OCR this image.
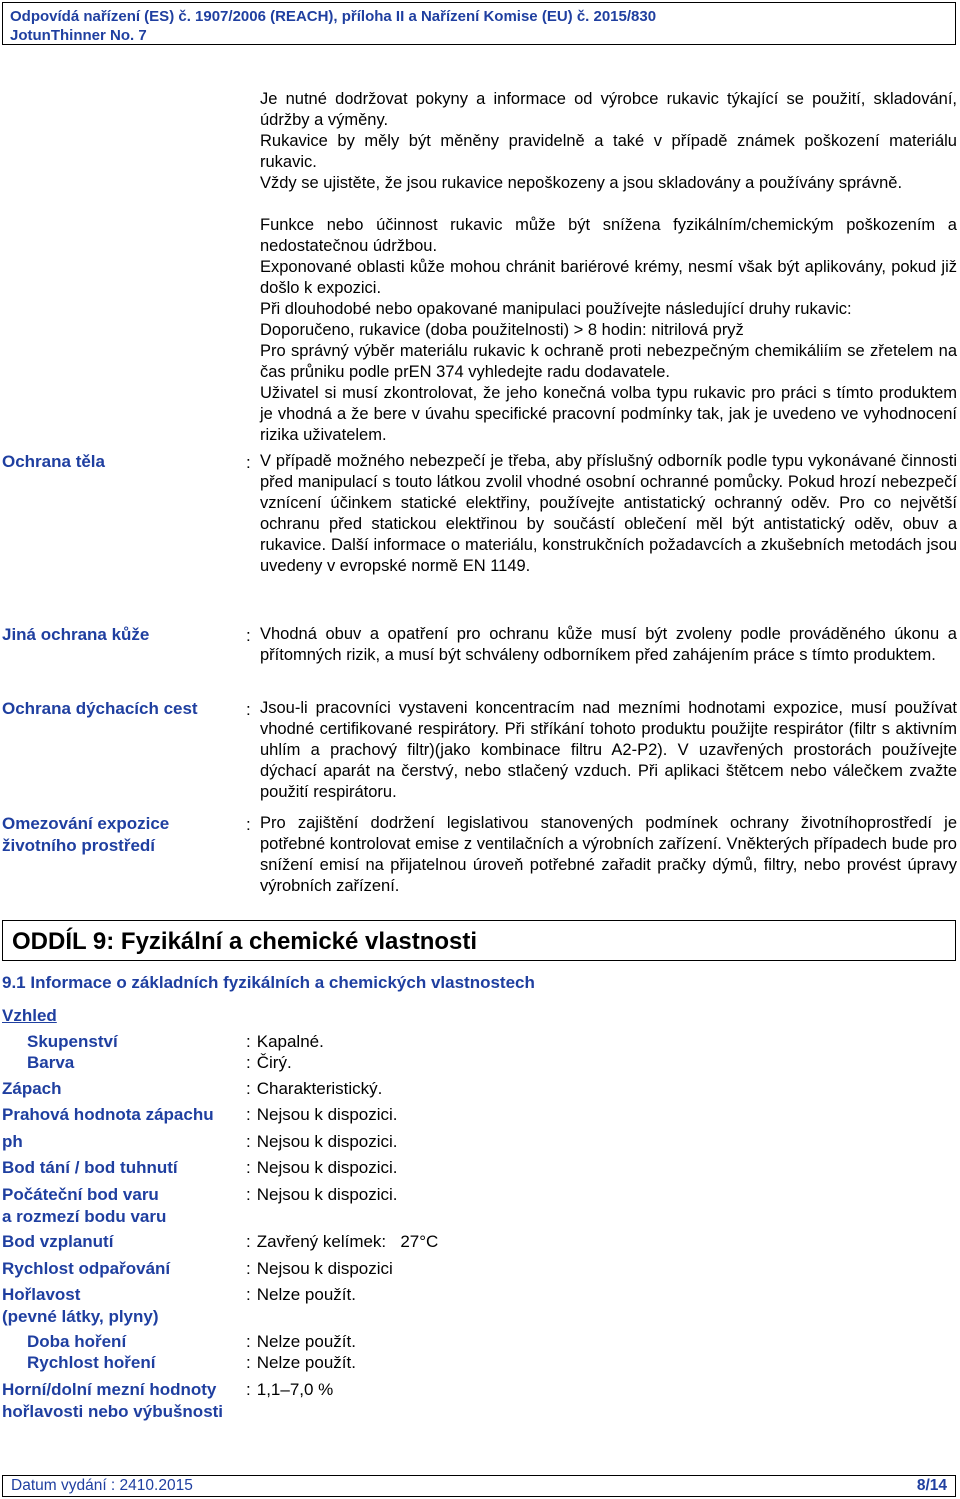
Odpovídá nařízení (ES) č. 1907/2006 (REACH), příloha II a Nařízení Komise (EU) č. 2015/830
JotunThinner No. 7
Je nutné dodržovat pokyny a informace od výrobce rukavic týkající se použití, skladování, údržby a výměny.
Rukavice by měly být měněny pravidelně a také v případě známek poškození materiálu rukavic.
Vždy se ujistěte, že jsou rukavice nepoškozeny a jsou skladovány a používány správně.
Funkce nebo účinnost rukavic může být snížena fyzikálním/chemickým poškozením a nedostatečnou údržbou.
Exponované oblasti kůže mohou chránit bariérové krémy, nesmí však být aplikovány, pokud již došlo k expozici.
Při dlouhodobé nebo opakované manipulaci používejte následující druhy rukavic:
Doporučeno, rukavice (doba použitelnosti) > 8 hodin: nitrilová pryž
Pro správný výběr materiálu rukavic k ochraně proti nebezpečným chemikáliím se zřetelem na čas průniku podle prEN 374 vyhledejte radu dodavatele.
Uživatel si musí zkontrolovat, že jeho konečná volba typu rukavic pro práci s tímto produktem je vhodná a že bere v úvahu specifické pracovní podmínky tak, jak je uvedeno ve vyhodnocení rizika uživatelem.
Ochrana těla	: V případě možného nebezpečí je třeba, aby příslušný odborník podle typu vykonávané činnosti před manipulací s touto látkou zvolil vhodné osobní ochranné pomůcky. Pokud hrozí nebezpečí vznícení účinkem statické elektřiny, používejte antistatický ochranný oděv. Pro co největší ochranu před statickou elektřinou by součástí oblečení měl být antistatický oděv, obuv a rukavice. Další informace o materiálu, konstrukčních požadavcích a zkušebních metodách jsou uvedeny v evropské normě EN 1149.
Jiná ochrana kůže	: Vhodná obuv a opatření pro ochranu kůže musí být zvoleny podle prováděného úkonu a přítomných rizik, a musí být schváleny odborníkem před zahájením práce s tímto produktem.
Ochrana dýchacích cest	: Jsou-li pracovníci vystaveni koncentracím nad mezními hodnotami expozice, musí používat vhodné certifikované respirátory. Při stříkání tohoto produktu použijte respirátor (filtr s aktivním uhlím a prachový filtr)(jako kombinace filtru A2-P2). V uzavřených prostorách používejte dýchací aparát na čerstvý, nebo stlačený vzduch. Při aplikaci štětcem nebo válečkem zvažte použití respirátoru.
Omezování expozice životního prostředí
: Pro zajištění dodržení legislativou stanovených podmínek ochrany životníhoprostředí je potřebné kontrolovat emise z ventilačních a výrobních zařízení. Vněkterých případech bude pro snížení emisí na přijatelnou úroveň potřebné zařadit pračky dýmů, filtry, nebo provést úpravy výrobních zařízení.
ODDÍL 9: Fyzikální a chemické vlastnosti
9.1 Informace o základních fyzikálních a chemických vlastnostech
Vzhled
Skupenství	: Kapalné.
Barva	: Čirý.
Zápach	: Charakteristický.
Prahová hodnota zápachu : Nejsou k dispozici.
ph	: Nejsou k dispozici.
Bod tání / bod tuhnutí	: Nejsou k dispozici.
Počáteční bod varu
a rozmezí bodu varu
: Nejsou k dispozici.
Bod vzplanutí	: Zavřený kelímek:   27°C
Rychlost odpařování	: Nejsou k dispozici
Hořlavost
(pevné látky, plyny)
: Nelze použít.
Doba hoření	: Nelze použít.
Rychlost hoření	: Nelze použít.
Horní/dolní mezní hodnoty
hořlavosti nebo výbušnosti
: 1,1–7,0 %
Datum vydání : 2410.2015	8/14
